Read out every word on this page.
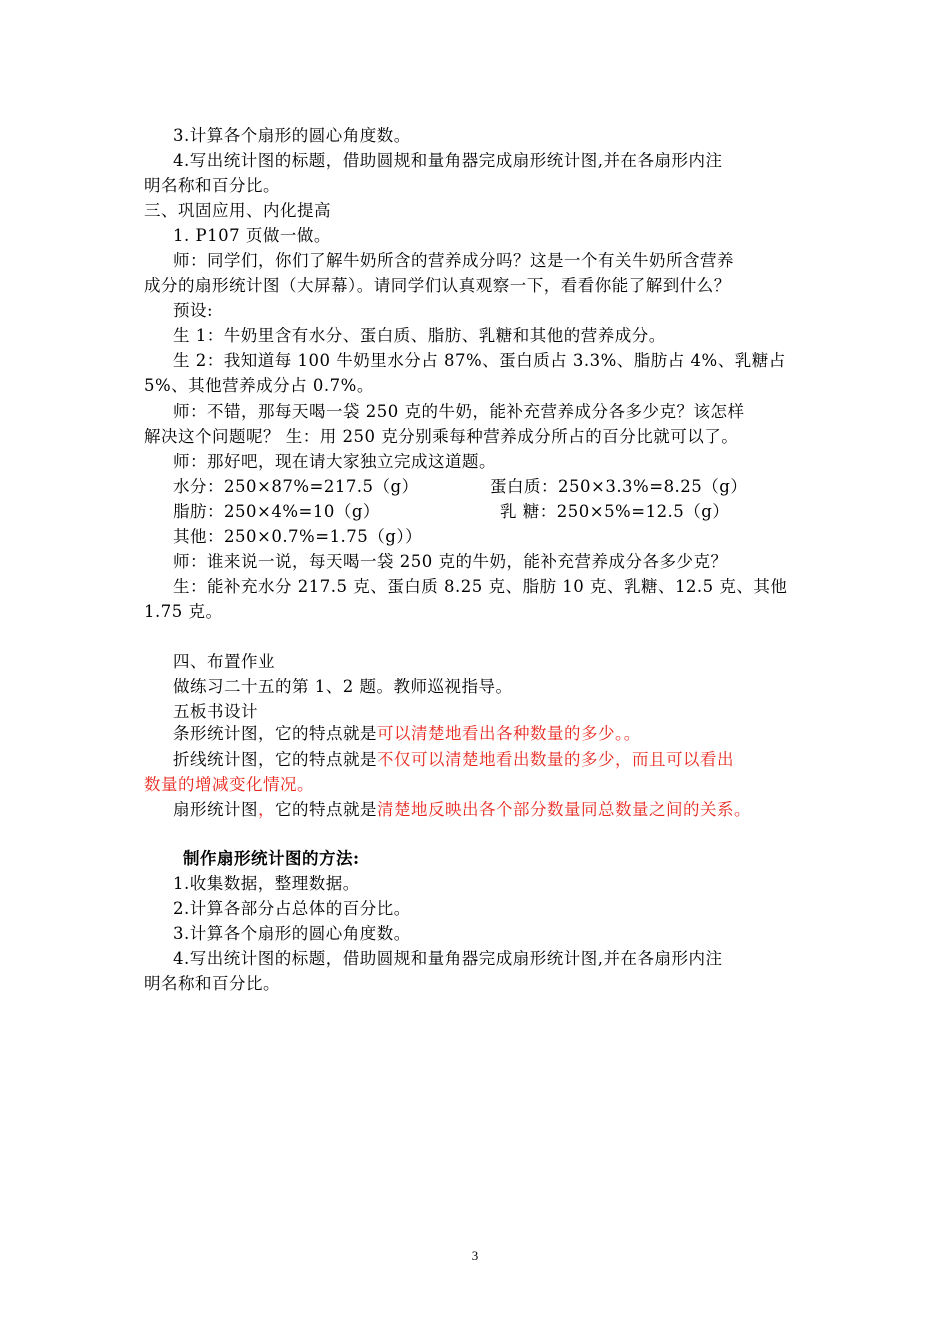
3.计算各个扇形的圆心角度数。
4.写出统计图的标题，借助圆规和量角器完成扇形统计图,并在各扇形内注
明名称和百分比。
三、巩固应用、内化提高
1. P107 页做一做。
师：同学们，你们了解牛奶所含的营养成分吗？这是一个有关牛奶所含营养
成分的扇形统计图（大屏幕）。请同学们认真观察一下，看看你能了解到什么？
预设:
生 1：牛奶里含有水分、蛋白质、脂肪、乳糖和其他的营养成分。
生 2：我知道每 100 牛奶里水分占 87%、蛋白质占 3.3%、脂肪占 4%、乳糖占
5%、其他营养成分占 0.7%。
师：不错，那每天喝一袋 250 克的牛奶，能补充营养成分各多少克？该怎样
解决这个问题呢？ 生：用 250 克分别乘每种营养成分所占的百分比就可以了。
师：那好吧，现在请大家独立完成这道题。
水分：250×87%=217.5（g）	蛋白质：250×3.3%=8.25（g）
脂肪：250×4%=10（g）	乳 糖：250×5%=12.5（g）
其他：250×0.7%=1.75（g））
师：谁来说一说，每天喝一袋 250 克的牛奶，能补充营养成分各多少克？
生：能补充水分 217.5 克、蛋白质 8.25 克、脂肪 10 克、乳糖、12.5 克、其他
1.75 克。
四、布置作业
做练习二十五的第 1、2 题。教师巡视指导。
五板书设计
条形统计图，它的特点就是可以清楚地看出各种数量的多少。。
折线统计图，它的特点就是不仅可以清楚地看出数量的多少，而且可以看出
数量的增减变化情况。
扇形统计图，它的特点就是清楚地反映出各个部分数量同总数量之间的关系。
制作扇形统计图的方法:
1.收集数据，整理数据。
2.计算各部分占总体的百分比。
3.计算各个扇形的圆心角度数。
4.写出统计图的标题，借助圆规和量角器完成扇形统计图,并在各扇形内注
明名称和百分比。
3
